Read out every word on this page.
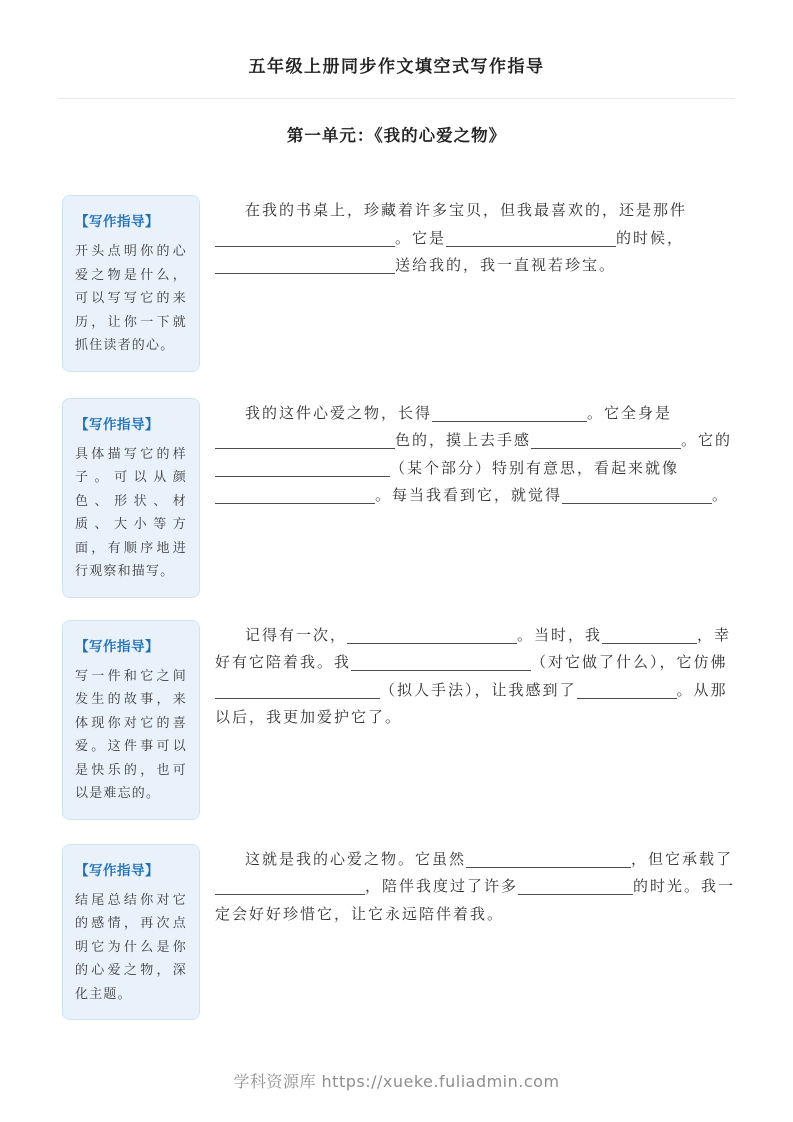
五年级上册同步作文填空式写作指导
第一单元：《我的心爱之物》
【写作指导】
开头点明你的心爱之物是什么，可以写写它的来历，让你一下就抓住读者的心。
在我的书桌上，珍藏着许多宝贝，但我最喜欢的，还是那件。它是	的时候，送给我的，我一直视若珍宝。
【写作指导】
具体描写它的样子。可以从颜色、形状、材质、大小等方面，有顺序地进行观察和描写。
我的这件心爱之物，长得	。它全身是色的，摸上去手感	。它的（某个部分）特别有意思，看起来就像。每当我看到它，就觉得	。
【写作指导】
写一件和它之间发生的故事，来体现你对它的喜爱。这件事可以是快乐的，也可以是难忘的。
记得有一次，	。当时，我	，幸好有它陪着我。我	（对它做了什么），它仿佛（拟人手法），让我感到了	。从那以后，我更加爱护它了。
【写作指导】
结尾总结你对它的感情，再次点明它为什么是你的心爱之物，深化主题。
这就是我的心爱之物。它虽然	，但它承载了，陪伴我度过了许多	的时光。我一定会好好珍惜它，让它永远陪伴着我。
学科资源库 https://xueke.fuliadmin.com
